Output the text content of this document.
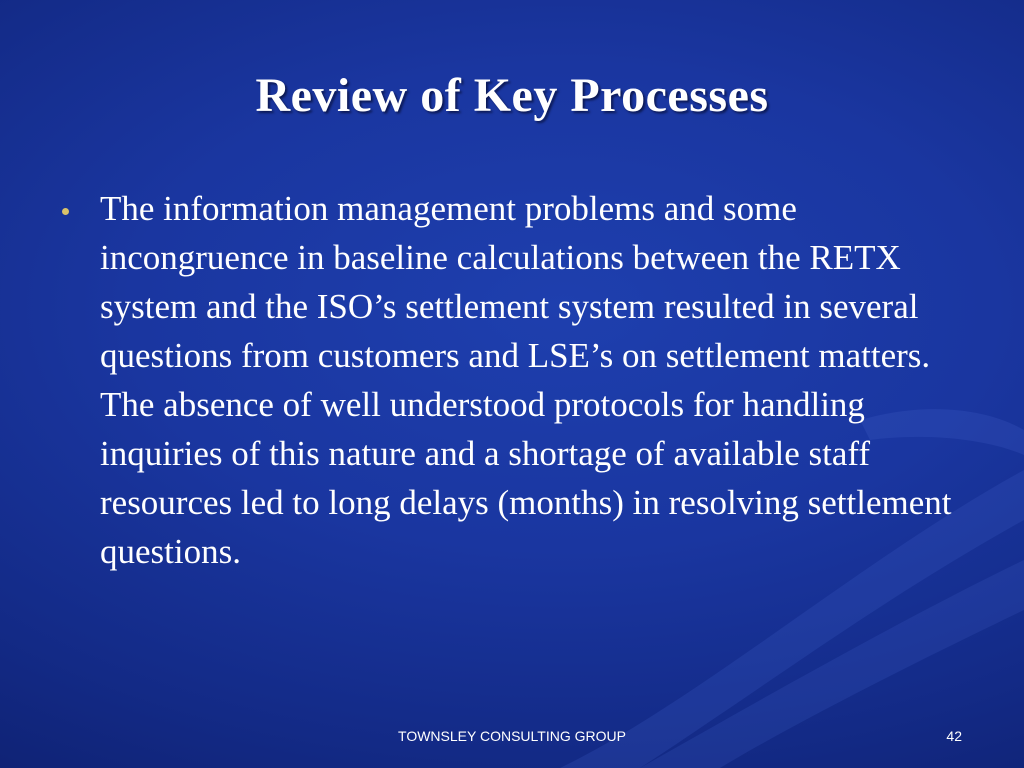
Review of Key Processes

The information management problems and some incongruence in baseline calculations between the RETX system and the ISO’s settlement system resulted in several questions from customers and LSE’s on settlement matters. The absence of well understood protocols for handling inquiries of this nature and a shortage of available staff resources led to long delays (months) in resolving settlement questions.

TOWNSLEY CONSULTING GROUP	42
